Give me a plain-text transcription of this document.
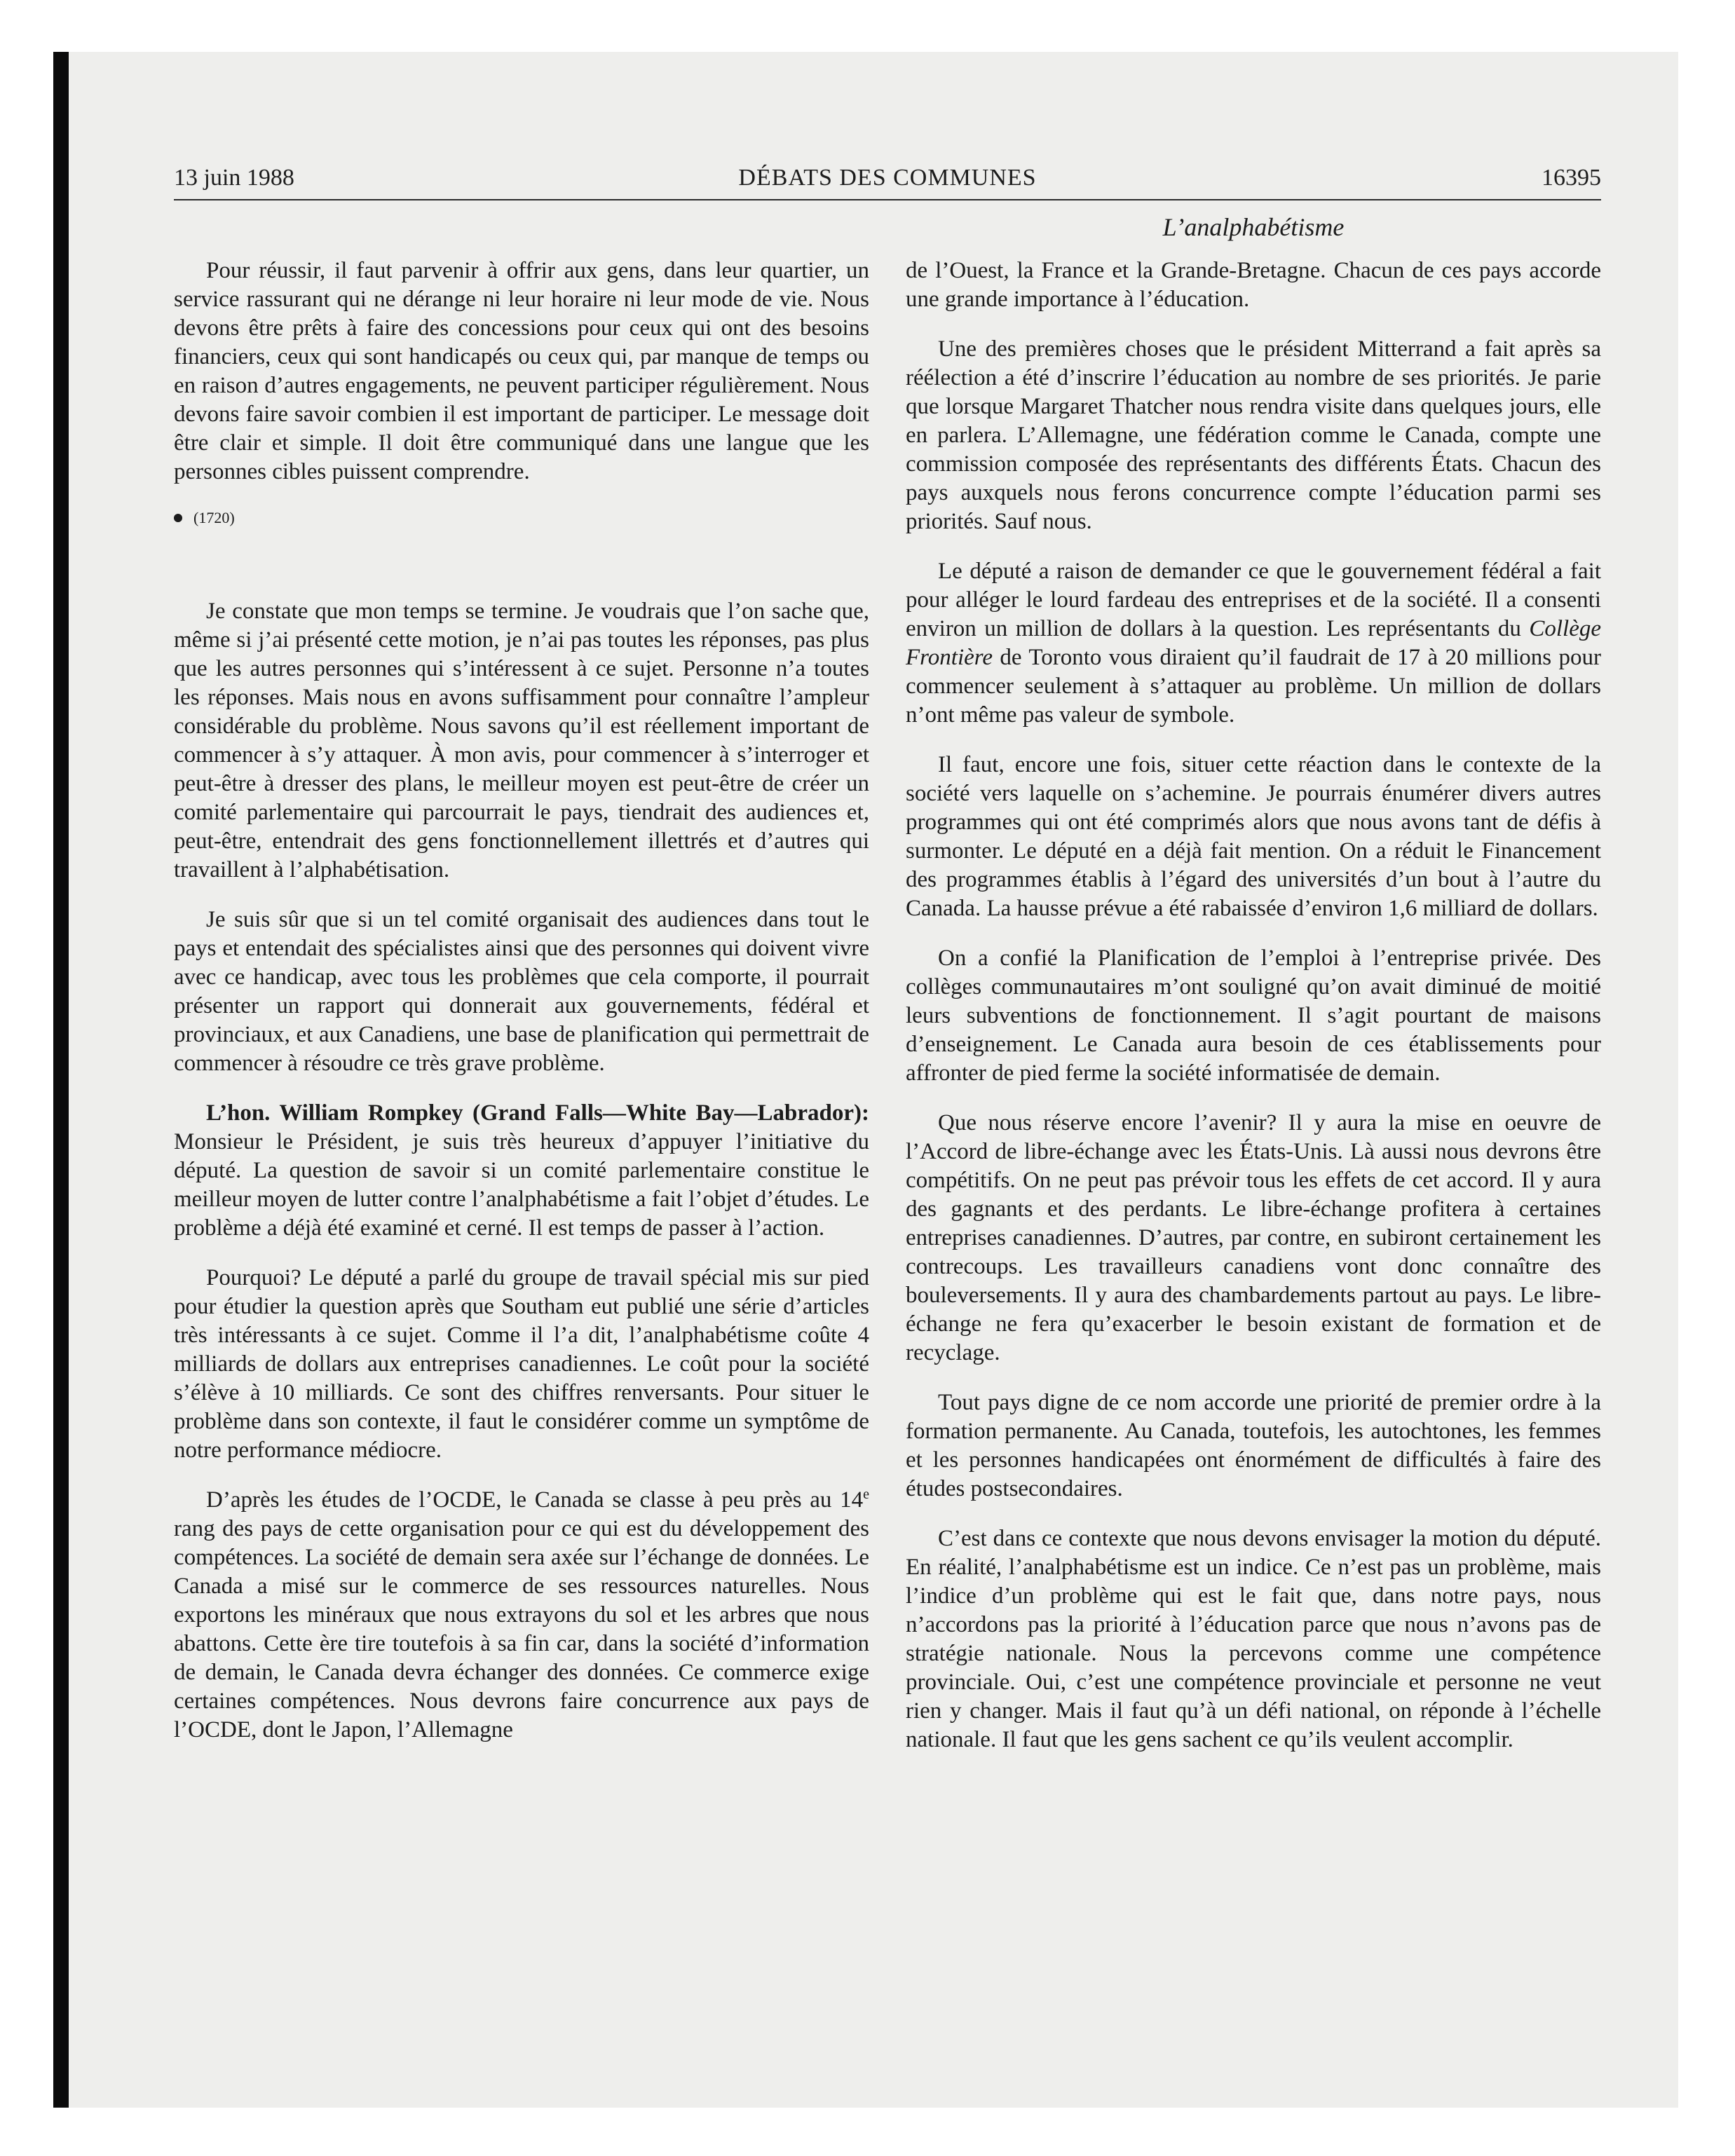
13 juin 1988	DÉBATS DES COMMUNES	16395
L’analphabétisme

Pour réussir, il faut parvenir à offrir aux gens, dans leur quartier, un service rassurant qui ne dérange ni leur horaire ni leur mode de vie. Nous devons être prêts à faire des concessions pour ceux qui ont des besoins financiers, ceux qui sont handicapés ou ceux qui, par manque de temps ou en raison d’autres engagements, ne peuvent participer régulièrement. Nous devons faire savoir combien il est important de participer. Le message doit être clair et simple. Il doit être communiqué dans une langue que les personnes cibles puissent comprendre.

(1720)

Je constate que mon temps se termine. Je voudrais que l’on sache que, même si j’ai présenté cette motion, je n’ai pas toutes les réponses, pas plus que les autres personnes qui s’intéressent à ce sujet. Personne n’a toutes les réponses. Mais nous en avons suffisamment pour connaître l’ampleur considérable du problème. Nous savons qu’il est réellement important de commencer à s’y attaquer. À mon avis, pour commencer à s’interroger et peut-être à dresser des plans, le meilleur moyen est peut-être de créer un comité parlementaire qui parcourrait le pays, tiendrait des audiences et, peut-être, entendrait des gens fonctionnellement illettrés et d’autres qui travaillent à l’alphabétisation.

Je suis sûr que si un tel comité organisait des audiences dans tout le pays et entendait des spécialistes ainsi que des personnes qui doivent vivre avec ce handicap, avec tous les problèmes que cela comporte, il pourrait présenter un rapport qui donnerait aux gouvernements, fédéral et provinciaux, et aux Canadiens, une base de planification qui permettrait de commencer à résoudre ce très grave problème.

L’hon. William Rompkey (Grand Falls—White Bay—Labrador): Monsieur le Président, je suis très heureux d’appuyer l’initiative du député. La question de savoir si un comité parlementaire constitue le meilleur moyen de lutter contre l’analphabétisme a fait l’objet d’études. Le problème a déjà été examiné et cerné. Il est temps de passer à l’action.

Pourquoi? Le député a parlé du groupe de travail spécial mis sur pied pour étudier la question après que Southam eut publié une série d’articles très intéressants à ce sujet. Comme il l’a dit, l’analphabétisme coûte 4 milliards de dollars aux entreprises canadiennes. Le coût pour la société s’élève à 10 milliards. Ce sont des chiffres renversants. Pour situer le problème dans son contexte, il faut le considérer comme un symptôme de notre performance médiocre.

D’après les études de l’OCDE, le Canada se classe à peu près au 14e rang des pays de cette organisation pour ce qui est du développement des compétences. La société de demain sera axée sur l’échange de données. Le Canada a misé sur le commerce de ses ressources naturelles. Nous exportons les minéraux que nous extrayons du sol et les arbres que nous abattons. Cette ère tire toutefois à sa fin car, dans la société d’information de demain, le Canada devra échanger des données. Ce commerce exige certaines compétences. Nous devrons faire concurrence aux pays de l’OCDE, dont le Japon, l’Allemagne

de l’Ouest, la France et la Grande-Bretagne. Chacun de ces pays accorde une grande importance à l’éducation.

Une des premières choses que le président Mitterrand a fait après sa réélection a été d’inscrire l’éducation au nombre de ses priorités. Je parie que lorsque Margaret Thatcher nous rendra visite dans quelques jours, elle en parlera. L’Allemagne, une fédération comme le Canada, compte une commission composée des représentants des différents États. Chacun des pays auxquels nous ferons concurrence compte l’éducation parmi ses priorités. Sauf nous.

Le député a raison de demander ce que le gouvernement fédéral a fait pour alléger le lourd fardeau des entreprises et de la société. Il a consenti environ un million de dollars à la question. Les représentants du Collège Frontière de Toronto vous diraient qu’il faudrait de 17 à 20 millions pour commencer seulement à s’attaquer au problème. Un million de dollars n’ont même pas valeur de symbole.

Il faut, encore une fois, situer cette réaction dans le contexte de la société vers laquelle on s’achemine. Je pourrais énumérer divers autres programmes qui ont été comprimés alors que nous avons tant de défis à surmonter. Le député en a déjà fait mention. On a réduit le Financement des programmes établis à l’égard des universités d’un bout à l’autre du Canada. La hausse prévue a été rabaissée d’environ 1,6 milliard de dollars.

On a confié la Planification de l’emploi à l’entreprise privée. Des collèges communautaires m’ont souligné qu’on avait diminué de moitié leurs subventions de fonctionnement. Il s’agit pourtant de maisons d’enseignement. Le Canada aura besoin de ces établissements pour affronter de pied ferme la société informatisée de demain.

Que nous réserve encore l’avenir? Il y aura la mise en oeuvre de l’Accord de libre-échange avec les États-Unis. Là aussi nous devrons être compétitifs. On ne peut pas prévoir tous les effets de cet accord. Il y aura des gagnants et des perdants. Le libre-échange profitera à certaines entreprises canadiennes. D’autres, par contre, en subiront certainement les contrecoups. Les travailleurs canadiens vont donc connaître des bouleversements. Il y aura des chambardements partout au pays. Le libre-échange ne fera qu’exacerber le besoin existant de formation et de recyclage.

Tout pays digne de ce nom accorde une priorité de premier ordre à la formation permanente. Au Canada, toutefois, les autochtones, les femmes et les personnes handicapées ont énormément de difficultés à faire des études postsecondaires.

C’est dans ce contexte que nous devons envisager la motion du député. En réalité, l’analphabétisme est un indice. Ce n’est pas un problème, mais l’indice d’un problème qui est le fait que, dans notre pays, nous n’accordons pas la priorité à l’éducation parce que nous n’avons pas de stratégie nationale. Nous la percevons comme une compétence provinciale. Oui, c’est une compétence provinciale et personne ne veut rien y changer. Mais il faut qu’à un défi national, on réponde à l’échelle nationale. Il faut que les gens sachent ce qu’ils veulent accomplir.
